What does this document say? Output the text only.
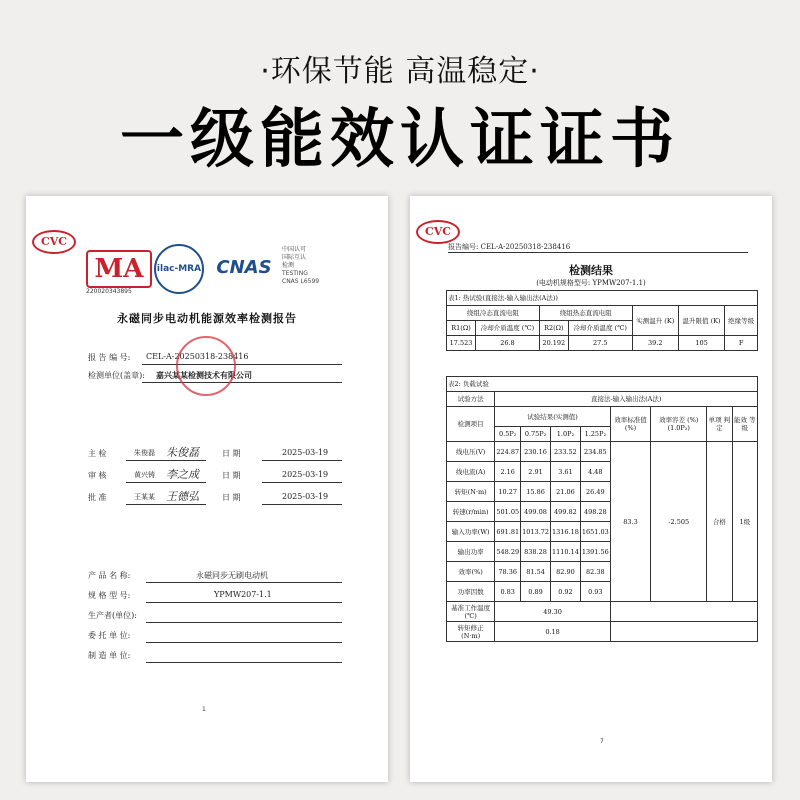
·环保节能 高温稳定·
一级能效认证证书
CVC
MA
220020343895
ilac-MRA CNAS
中国认可
国际互认
检测
TESTING
CNAS L6599
永磁同步电动机能源效率检测报告
报 告 编 号: CEL-A-20250318-238416
检测单位(盖章): 嘉兴某某检测技术有限公司
主 检	朱俊磊 朱俊磊	日 期	2025-03-19
审 核	黄兴铸 李之成	日 期	2025-03-19
批 准	王某某 王德弘	日 期	2025-03-19
产 品 名 称:	永磁同步无刷电动机
规 格 型 号:	YPMW207-1.1
生产者(单位):
委 托 单 位:
制 造 单 位:
1
CVC
报告编号: CEL-A-20250318-238416
检测结果
(电动机规格型号: YPMW207-1.1)
表1: 热试验(直接法-输入输出法(A法))						
绕组冷态直流电阻		绕组热态直流电阻		实测温升 (K)	温升限值 (K)	绝缘等级
R1(Ω)	冷却介质温度 (℃)	R2(Ω)	冷却介质温度 (℃)			
17.523	26.8	20.192	27.5	39.2	105	F
表2: 负载试验								
试验方法	直接法-输入输出法(A法)							
检测项目	试验结果(实测值)				效率标准值 (%)	效率容差 (%) (1.0P₂)	单项 判定	能效 等级
	0.5P₂	0.75P₂	1.0P₂	1.25P₂				
线电压(V)	224.87	230.16	233.52	234.85	83.3	-2.505	合格	1级
线电流(A)	2.16	2.91	3.61	4.48				
转矩(N·m)	10.27	15.86	21.06	26.49				
转速(r/min)	501.05	499.08	499.82	498.28				
输入功率(W)	691.81	1013.72	1316.18	1651.03				
输出功率	548.29	838.28	1110.14	1391.56				
效率(%)	78.36	81.54	82.90	82.38				
功率因数	0.83	0.89	0.92	0.93				
基准工作温度 (℃)	49.30							
转矩修正 (N·m)	0.18							
7
